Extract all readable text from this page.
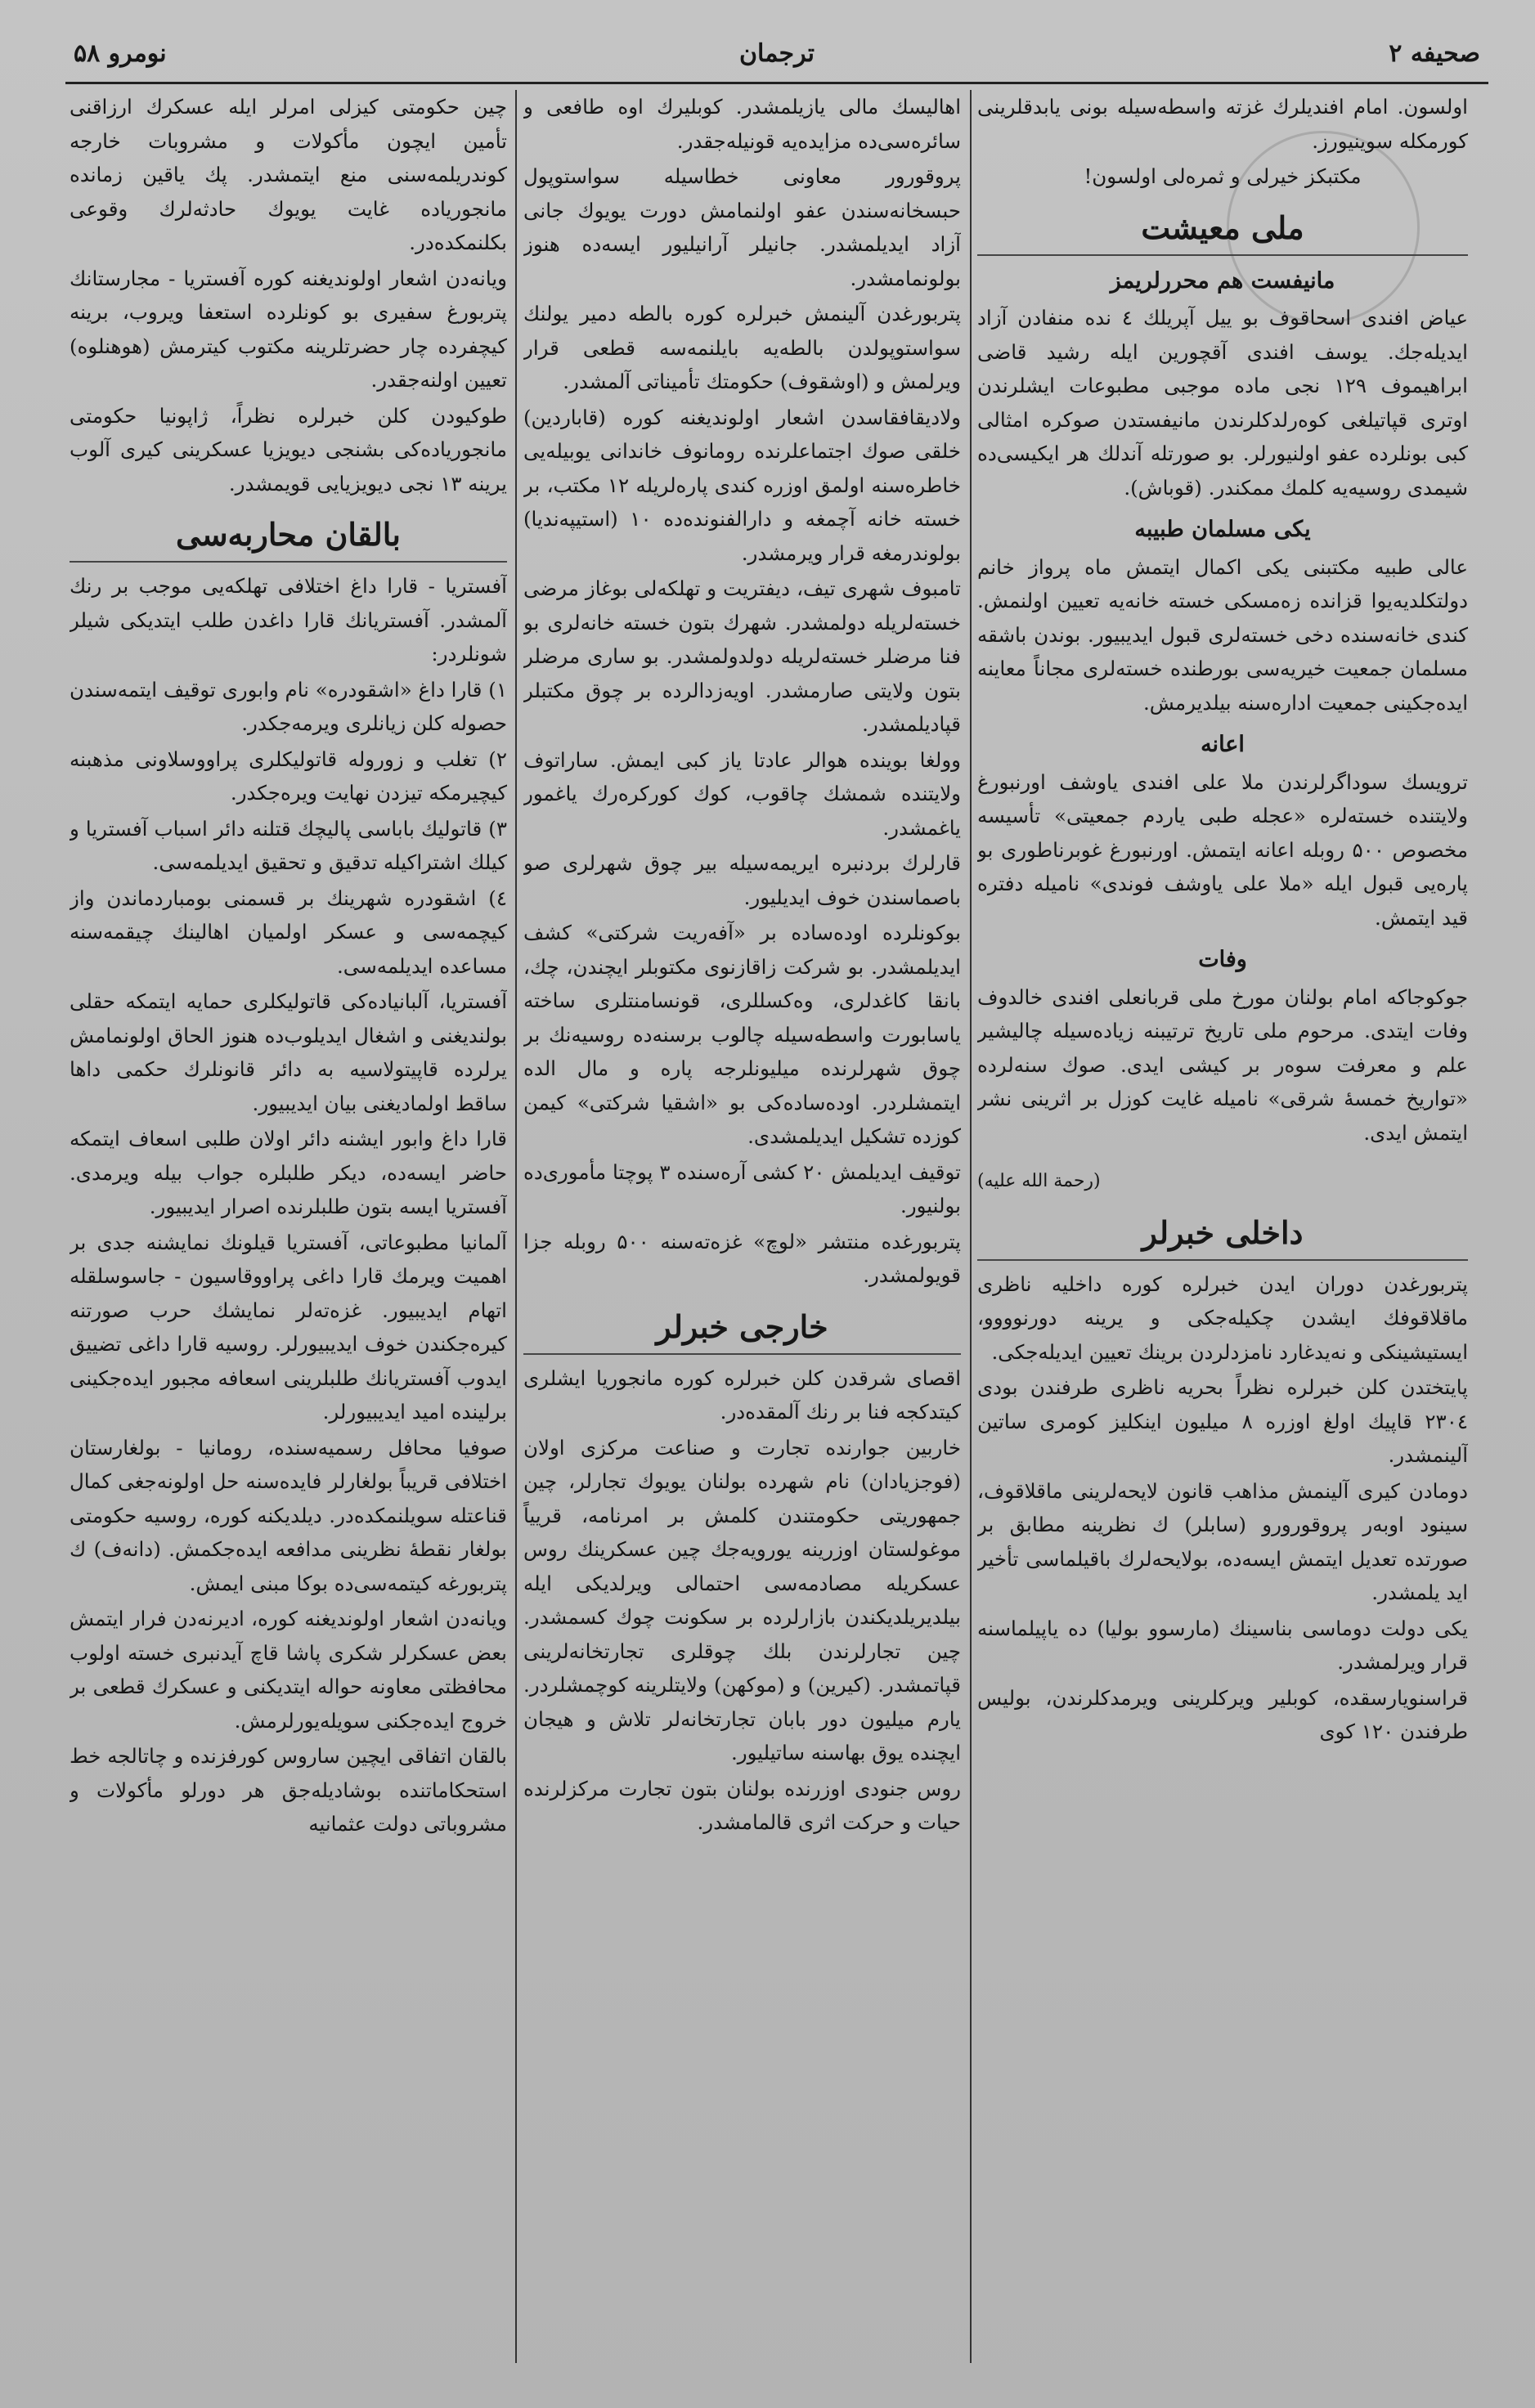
صحیفه ۲
ترجمان
نومرو ۵۸

اولسون. امام افندیلرك غزته واسطه‌سیله بونی یابدقلرینی كورمكله سوینیورز.

مكتبكز خیرلی و ثمره‌لی اولسون!

ملی معیشت
مانیفست هم محررلریمز

عیاض افندی اسحاقوف بو ییل آپریلك ٤ نده منفادن آزاد ایدیله‌جك. یوسف افندی آقچورین ایله رشید قاضی ابراهیموف ۱۲۹ نجی ماده موجبی مطبوعات ایشلرندن اوتری قپاتیلغی كوه‌رلدكلرندن مانیفستدن صوكره امثالی كبی بونلرده عفو اولنیورلر. بو صورتله آندلك هر ایكیسی‌ده شیمدی روسیه‌یه كلمك ممكندر. (قوباش).

یكی مسلمان طبیبه

عالی طبیه مكتبنی یكی اكمال ایتمش ماه پرواز خانم دولتكلدیه‌یوا قزانده زه‌مسكی خسته خانه‌یه تعیین اولنمش. كندی خانه‌سنده دخی خسته‌لری قبول ایدیبیور. بوندن باشقه مسلمان جمعیت خیریه‌سی بورطنده خسته‌لری مجاناً معاینه ایده‌جكینی جمعیت اداره‌سنه بیلدیرمش.

اعانه

ترویسك سوداگرلرندن ملا علی افندی یاوشف اورنبورغ ولایتنده خسته‌لره «عجله طبی یاردم جمعیتی» تأسیسه مخصوص ۵۰۰ روبله اعانه ایتمش. اورنبورغ غوبرناطوری بو پاره‌یی قبول ایله «ملا علی یاوشف فوندی» نامیله دفتره قید ایتمش.

وفات

جوكوجاكه امام بولنان مورخ ملی قربانعلی افندی خالدوف وفات ایتدی. مرحوم ملی تاریخ ترتیبنه زیاده‌سیله چالیشیر علم و معرفت سوه‌ر بر كیشی ایدی. صوك سنه‌لرده «تواریخ خمسهٔ شرقی» نامیله غایت كوزل بر اثرینی نشر ایتمش ایدی.

(رحمة الله علیه)
داخلی خبرلر

پتربورغدن دوران ایدن خبرلره كوره داخلیه ناظری ماقلاقوفك ایشدن چكیله‌جكی و یرینه دورنوووو، ایستیشینكی و نه‌یدغارد نامزدلردن برینك تعیین ایدیله‌جكی.

پایتختدن كلن خبرلره نظراً بحریه ناظری طرفندن بودی ۲۳۰٤ قاپیك اولغ اوزره ۸ میلیون اینكلیز كومری ساتین آلینمشدر.

دومادن كیری آلینمش مذاهب قانون لایحه‌لرینی ماقلاقوف، سینود اوبه‌ر پروقورورو (سابلر) ك نظرینه مطابق بر صورتده تعدیل ایتمش ایسه‌ده، بولایحه‌لرك باقیلماسی تأخیر اید یلمشدر.

یكی دولت دوماسی بناسینك (مارسوو بولیا) ده یاپیلماسنه قرار ویرلمشدر.

قراسنویارسقده، كوبلیر ویركلرینی ویرمدكلرندن، بولیس طرفندن ۱۲۰ كوی

اهالیسك مالی یازیلمشدر. كوبلیرك اوه‌ طافعی و سائره‌سی‌ده مزایده‌یه قونیله‌جقدر.

پروقورور معاونی خطاسیله سواستوپول حبسخانه‌سندن عفو اولنمامش دورت یویوك جانی آزاد ایدیلمشدر. جانیلر آرانیلیور ایسه‌ده هنوز بولونمامشدر.

پتربورغدن آلینمش خبرلره كوره بالطه دمیر یولنك سواستوپولدن بالطه‌یه بایلنمه‌سه قطعی قرار ویرلمش و (اوشقوف) حكومتك تأمیناتی آلمشدر.

ولادیقافقاسدن اشعار اولوندیغنه كوره (قاباردین) خلقی صوك اجتماعلرنده رومانوف خاندانی یوبیله‌یی خاطره‌سنه اولمق اوزره كندی پاره‌لریله ۱۲ مكتب، بر خسته خانه آچمغه و دارالفنونده‌ده ۱۰ (استیپه‌ندیا) بولوندرمغه قرار ویرمشدر.

تامبوف شهری تیف، دیفتریت و تهلكه‌لی بوغاز مرضی خسته‌لریله دولمشدر. شهرك بتون خسته خانه‌لری بو فنا مرضلر خسته‌لریله دولدولمشدر. بو ساری مرضلر بتون ولایتی صارمشدر. اویه‌زدالرده بر چوق مكتبلر قپادیلمشدر.

وولغا بوینده هوالر عادتا یاز كبی ایمش. ساراتوف ولایتنده شمشك چاقوب، كوك كوركره‌رك یاغمور یاغمشدر.

قارلرك بردنبره ایریمه‌سیله بیر چوق شهرلری صو باصماسندن خوف ایدیلیور.

بوكونلرده اوده‌ساده بر «آفه‌ریت شركتی» كشف ایدیلمشدر. بو شركت زاقازنوی مكتوبلر ایچندن، چك، بانقا كاغدلری، وه‌كسللری، قونسامنتلری ساخته یاسابورت واسطه‌سیله چالوب برسنه‌ده روسیه‌نك بر چوق شهرلرنده میلیونلرجه پاره و مال الده ایتمشلردر. اوده‌ساده‌كی بو «اشقیا شركتی» كیمن كوزده تشكیل ایدیلمشدی.

توقیف ایدیلمش ۲۰ كشی آره‌سنده ۳ پوچتا مأموری‌ده بولنیور.

پتربورغده منتشر «لوچ» غزه‌ته‌سنه ۵۰۰ روبله جزا قویولمشدر.

خارجی خبرلر

اقصای شرقدن كلن خبرلره كوره مانجوریا ایشلری كیتدكجه فنا بر رنك آلمقده‌در.

خاربین جوارنده تجارت و صناعت مركزی اولان (فوجزیادان) نام شهرده بولنان یویوك تجارلر، چین جمهوریتی حكومتندن كلمش بر امرنامه، قرییاً موغولستان اوزرینه یورویه‌جك چین عسكرینك روس عسكریله مصادمه‌سی احتمالی ویرلدیكی ایله بیلدیریلدیكندن بازارلرده بر سكونت چوك كسمشدر. چین تجارلرندن بلك چوقلری تجارتخانه‌لرینی قپاتمشدر. (كیرین) و (موكهن) ولایتلرینه كوچمشلردر. یارم میلیون دور بابان تجارتخانه‌لر تلاش و هیجان ایچنده یوق بهاسنه ساتیلیور.

روس جنودی اوزرنده بولنان بتون تجارت مركزلرنده حیات و حركت اثری قالمامشدر.

چین حكومتی كیزلی امرلر ایله عسكرك ارزاقنی تأمین ایچون مأكولات و مشروبات خارجه كوندریلمه‌سنی منع ایتمشدر. پك یاقین زمانده مانجوریاده غایت یویوك حادثه‌لرك وقوعی بكلنمكده‌در.

ویانه‌دن اشعار اولوندیغنه كوره آفستریا - مجارستانك پتربورغ سفیری بو كونلرده استعفا ویروب، برینه كیچفرده چار حضرتلرینه مكتوب كیترمش (هوهنلوه) تعیین اولنه‌جقدر.

طوكیودن كلن خبرلره نظراً، ژاپونیا حكومتی مانجوریاده‌كی بشنجی دیویزیا عسكرینی كیری آلوب یرینه ۱۳ نجی دیویزیایی قویمشدر.

بالقان محاربه‌سی

آفستریا - قارا داغ اختلافی تهلكه‌یی موجب بر رنك آلمشدر. آفستریانك قارا داغدن طلب ایتدیكی شیلر شونلردر:

۱) قارا داغ «اشقودره» نام وابوری توقیف ایتمه‌سندن حصوله كلن زیانلری ویرمه‌جكدر.

۲) تغلب و زوروله قاتولیكلری پراووسلاونی مذهبنه كیچیرمكه تیزدن نهایت ویره‌جكدر.

۳) قاتولیك باباسی پالیچك قتلنه دائر اسباب آفستریا و كیلك اشتراكیله تدقیق و تحقیق ایدیلمه‌سی.

٤) اشقودره شهرینك بر قسمنی بومباردماندن واز كیچمه‌سی و عسكر اولمیان اهالینك چیقمه‌سنه مساعده ایدیلمه‌سی.

آفستریا، آلبانیاده‌كی قاتولیكلری حمایه ایتمكه حقلی بولندیغنی و اشغال ایدیلوب‌ده هنوز الحاق اولونمامش یرلرده قاپیتولاسیه‌ به دائر قانونلرك حكمی داها ساقط اولمادیغنی بیان ایدیبیور.

قارا داغ وابور ایشنه دائر اولان طلبی اسعاف ایتمكه حاضر ایسه‌ده، دیكر طلبلره جواب بیله ویرمدی. آفستریا ایسه بتون طلبلرنده اصرار ایدیبیور.

آلمانیا مطبوعاتی، آفستریا قیلونك نمایشنه جدی بر اهمیت ویرمك قارا داغی پراووقاسیون - جاسوسلقله اتهام ایدیبیور. غزه‌ته‌لر نمایشك حرب صورتنه كیره‌جكندن خوف ایدیبیورلر. روسیه قارا داغی تضییق ایدوب آفستریانك طلبلرینی اسعافه مجبور ایده‌جكینی برلینده امید ایدیبیورلر.

صوفیا محافل رسمیه‌سنده، رومانیا - بولغارستان اختلافی قریباً بولغارلر فایده‌سنه حل اولونه‌جغی كمال قناعتله سویلنمكده‌در. دیلدیكنه كوره، روسیه حكومتی بولغار نقطهٔ نظرینی مدافعه ایده‌جكمش. (دانه‌ف) ك پتربورغه كیتمه‌سی‌ده بوكا مبنی ایمش.

ویانه‌دن اشعار اولوندیغنه كوره، ادیرنه‌دن فرار ایتمش بعض عسكرلر شكری پاشا قاچ آیدنبری خسته اولوب محافظتی معاونه حواله ایتدیكنی و عسكرك قطعی بر خروج ایده‌جكنی سویله‌یورلرمش.

بالقان اتفاقی ایچین ساروس كورفزنده و چاتالجه خط استحكاماتنده بوشادیله‌جق هر دورلو مأكولات و مشروباتی دولت عثمانیه
